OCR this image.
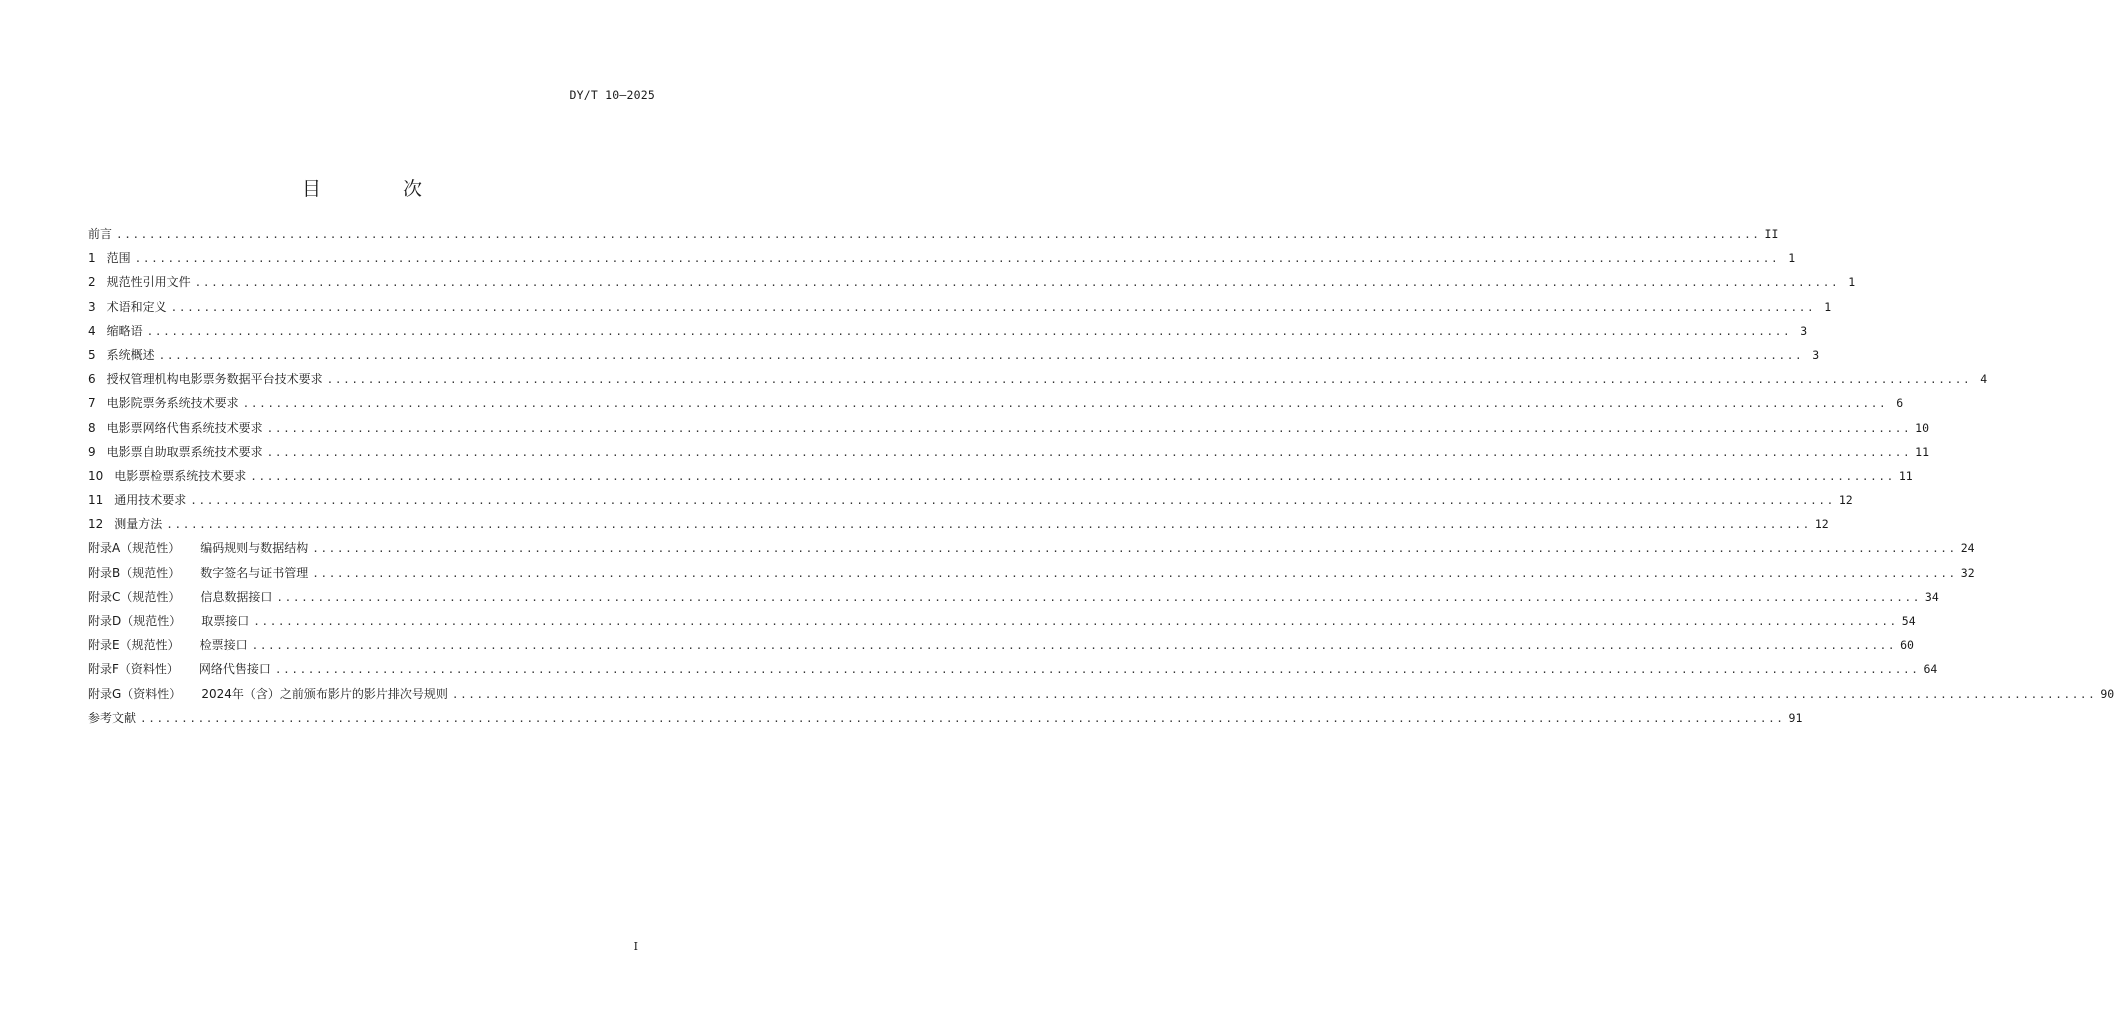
DY/T 10—2025
目 次
前言 ........................................................................................................................................................................................................ II
1 范围 ........................................................................................................................................................................................................ 1
2 规范性引用文件 ........................................................................................................................................................................................................ 1
3 术语和定义 ........................................................................................................................................................................................................ 1
4 缩略语 ........................................................................................................................................................................................................ 3
5 系统概述 ........................................................................................................................................................................................................ 3
6 授权管理机构电影票务数据平台技术要求 ........................................................................................................................................................................................................ 4
7 电影院票务系统技术要求 ........................................................................................................................................................................................................ 6
8 电影票网络代售系统技术要求 ........................................................................................................................................................................................................ 10
9 电影票自助取票系统技术要求 ........................................................................................................................................................................................................ 11
10 电影票检票系统技术要求 ........................................................................................................................................................................................................ 11
11 通用技术要求 ........................................................................................................................................................................................................ 12
12 测量方法 ........................................................................................................................................................................................................ 12
附录A（规范性） 编码规则与数据结构 ........................................................................................................................................................................................................ 24
附录B（规范性） 数字签名与证书管理 ........................................................................................................................................................................................................ 32
附录C（规范性） 信息数据接口 ........................................................................................................................................................................................................ 34
附录D（规范性） 取票接口 ........................................................................................................................................................................................................ 54
附录E（规范性） 检票接口 ........................................................................................................................................................................................................ 60
附录F（资料性） 网络代售接口 ........................................................................................................................................................................................................ 64
附录G（资料性） 2024年（含）之前颁布影片的影片排次号规则 ........................................................................................................................................................................................................ 90
参考文献 ........................................................................................................................................................................................................ 91
I
